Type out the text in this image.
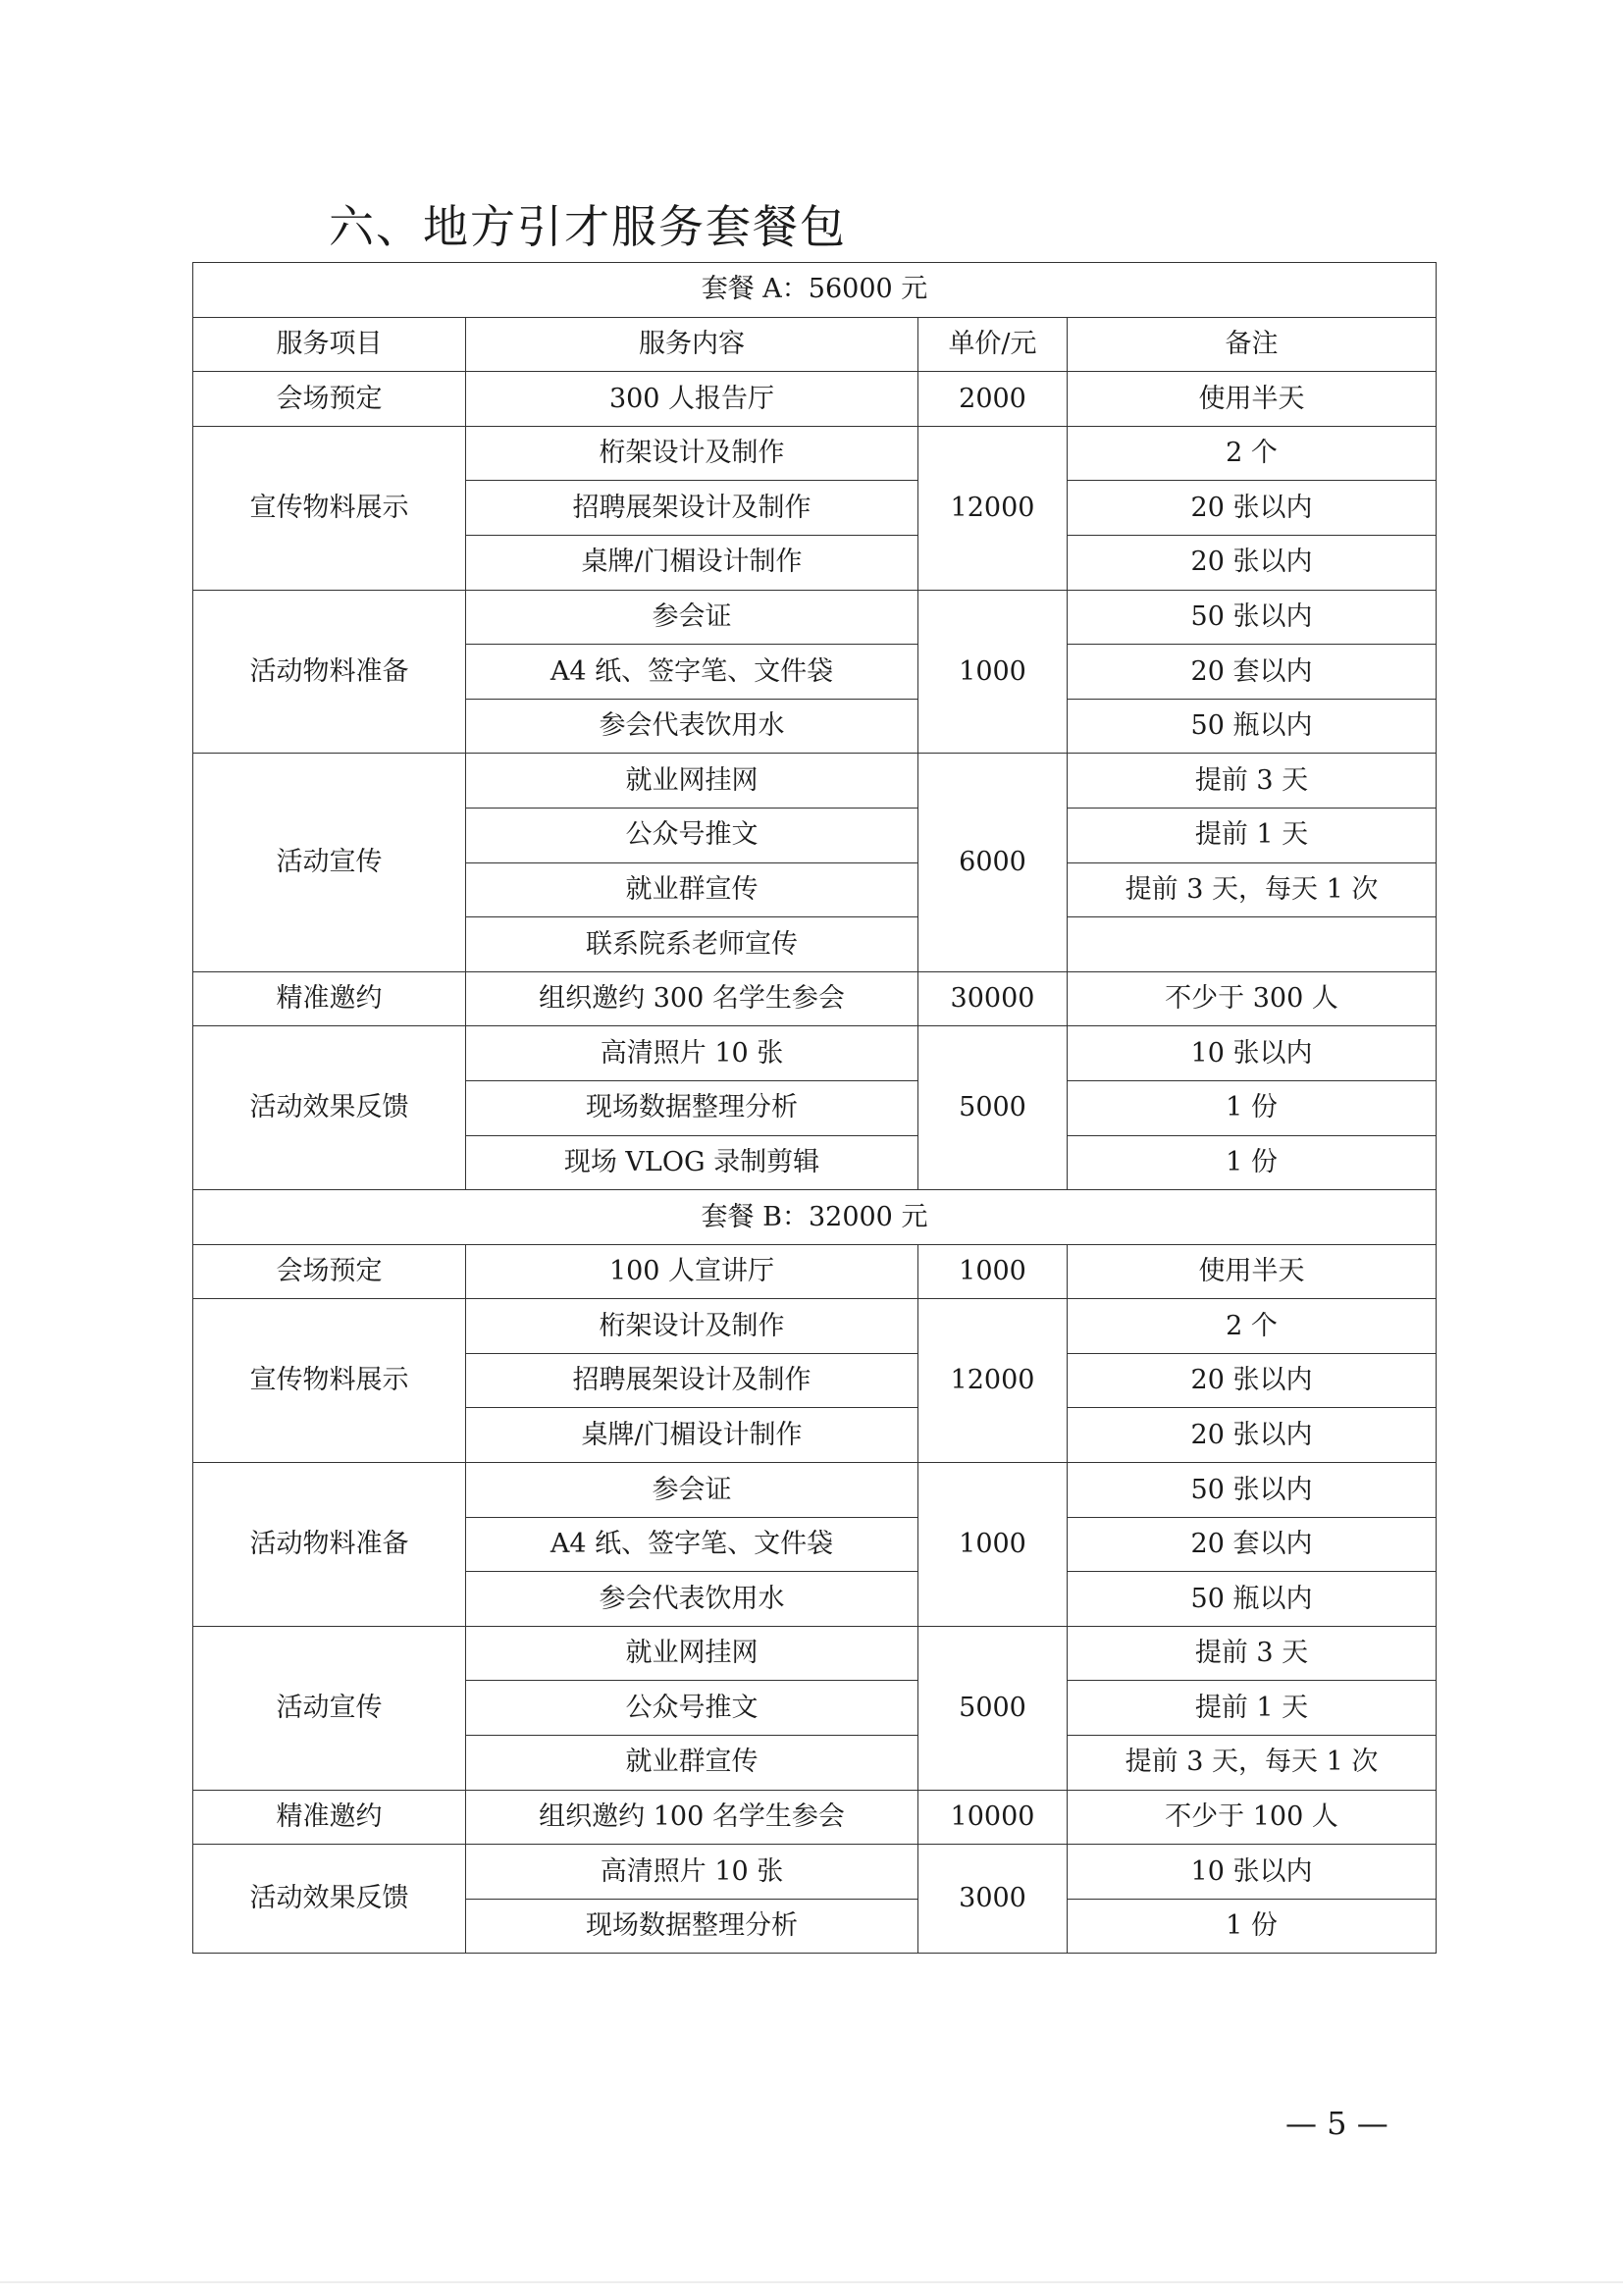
六、地方引才服务套餐包
套餐 A：56000 元			
服务项目	服务内容	单价/元	备注
会场预定	300 人报告厅	2000	使用半天
宣传物料展示	桁架设计及制作	12000	2 个
	招聘展架设计及制作		20 张以内
	桌牌/门楣设计制作		20 张以内
活动物料准备	参会证	1000	50 张以内
	A4 纸、签字笔、文件袋		20 套以内
	参会代表饮用水		50 瓶以内
活动宣传	就业网挂网	6000	提前 3 天
	公众号推文		提前 1 天
	就业群宣传		提前 3 天，每天 1 次
	联系院系老师宣传		
精准邀约	组织邀约 300 名学生参会	30000	不少于 300 人
活动效果反馈	高清照片 10 张	5000	10 张以内
	现场数据整理分析		1 份
	现场 VLOG 录制剪辑		1 份
套餐 B：32000 元			
会场预定	100 人宣讲厅	1000	使用半天
宣传物料展示	桁架设计及制作	12000	2 个
	招聘展架设计及制作		20 张以内
	桌牌/门楣设计制作		20 张以内
活动物料准备	参会证	1000	50 张以内
	A4 纸、签字笔、文件袋		20 套以内
	参会代表饮用水		50 瓶以内
活动宣传	就业网挂网	5000	提前 3 天
	公众号推文		提前 1 天
	就业群宣传		提前 3 天，每天 1 次
精准邀约	组织邀约 100 名学生参会	10000	不少于 100 人
活动效果反馈	高清照片 10 张	3000	10 张以内
	现场数据整理分析		1 份
— 5 —
